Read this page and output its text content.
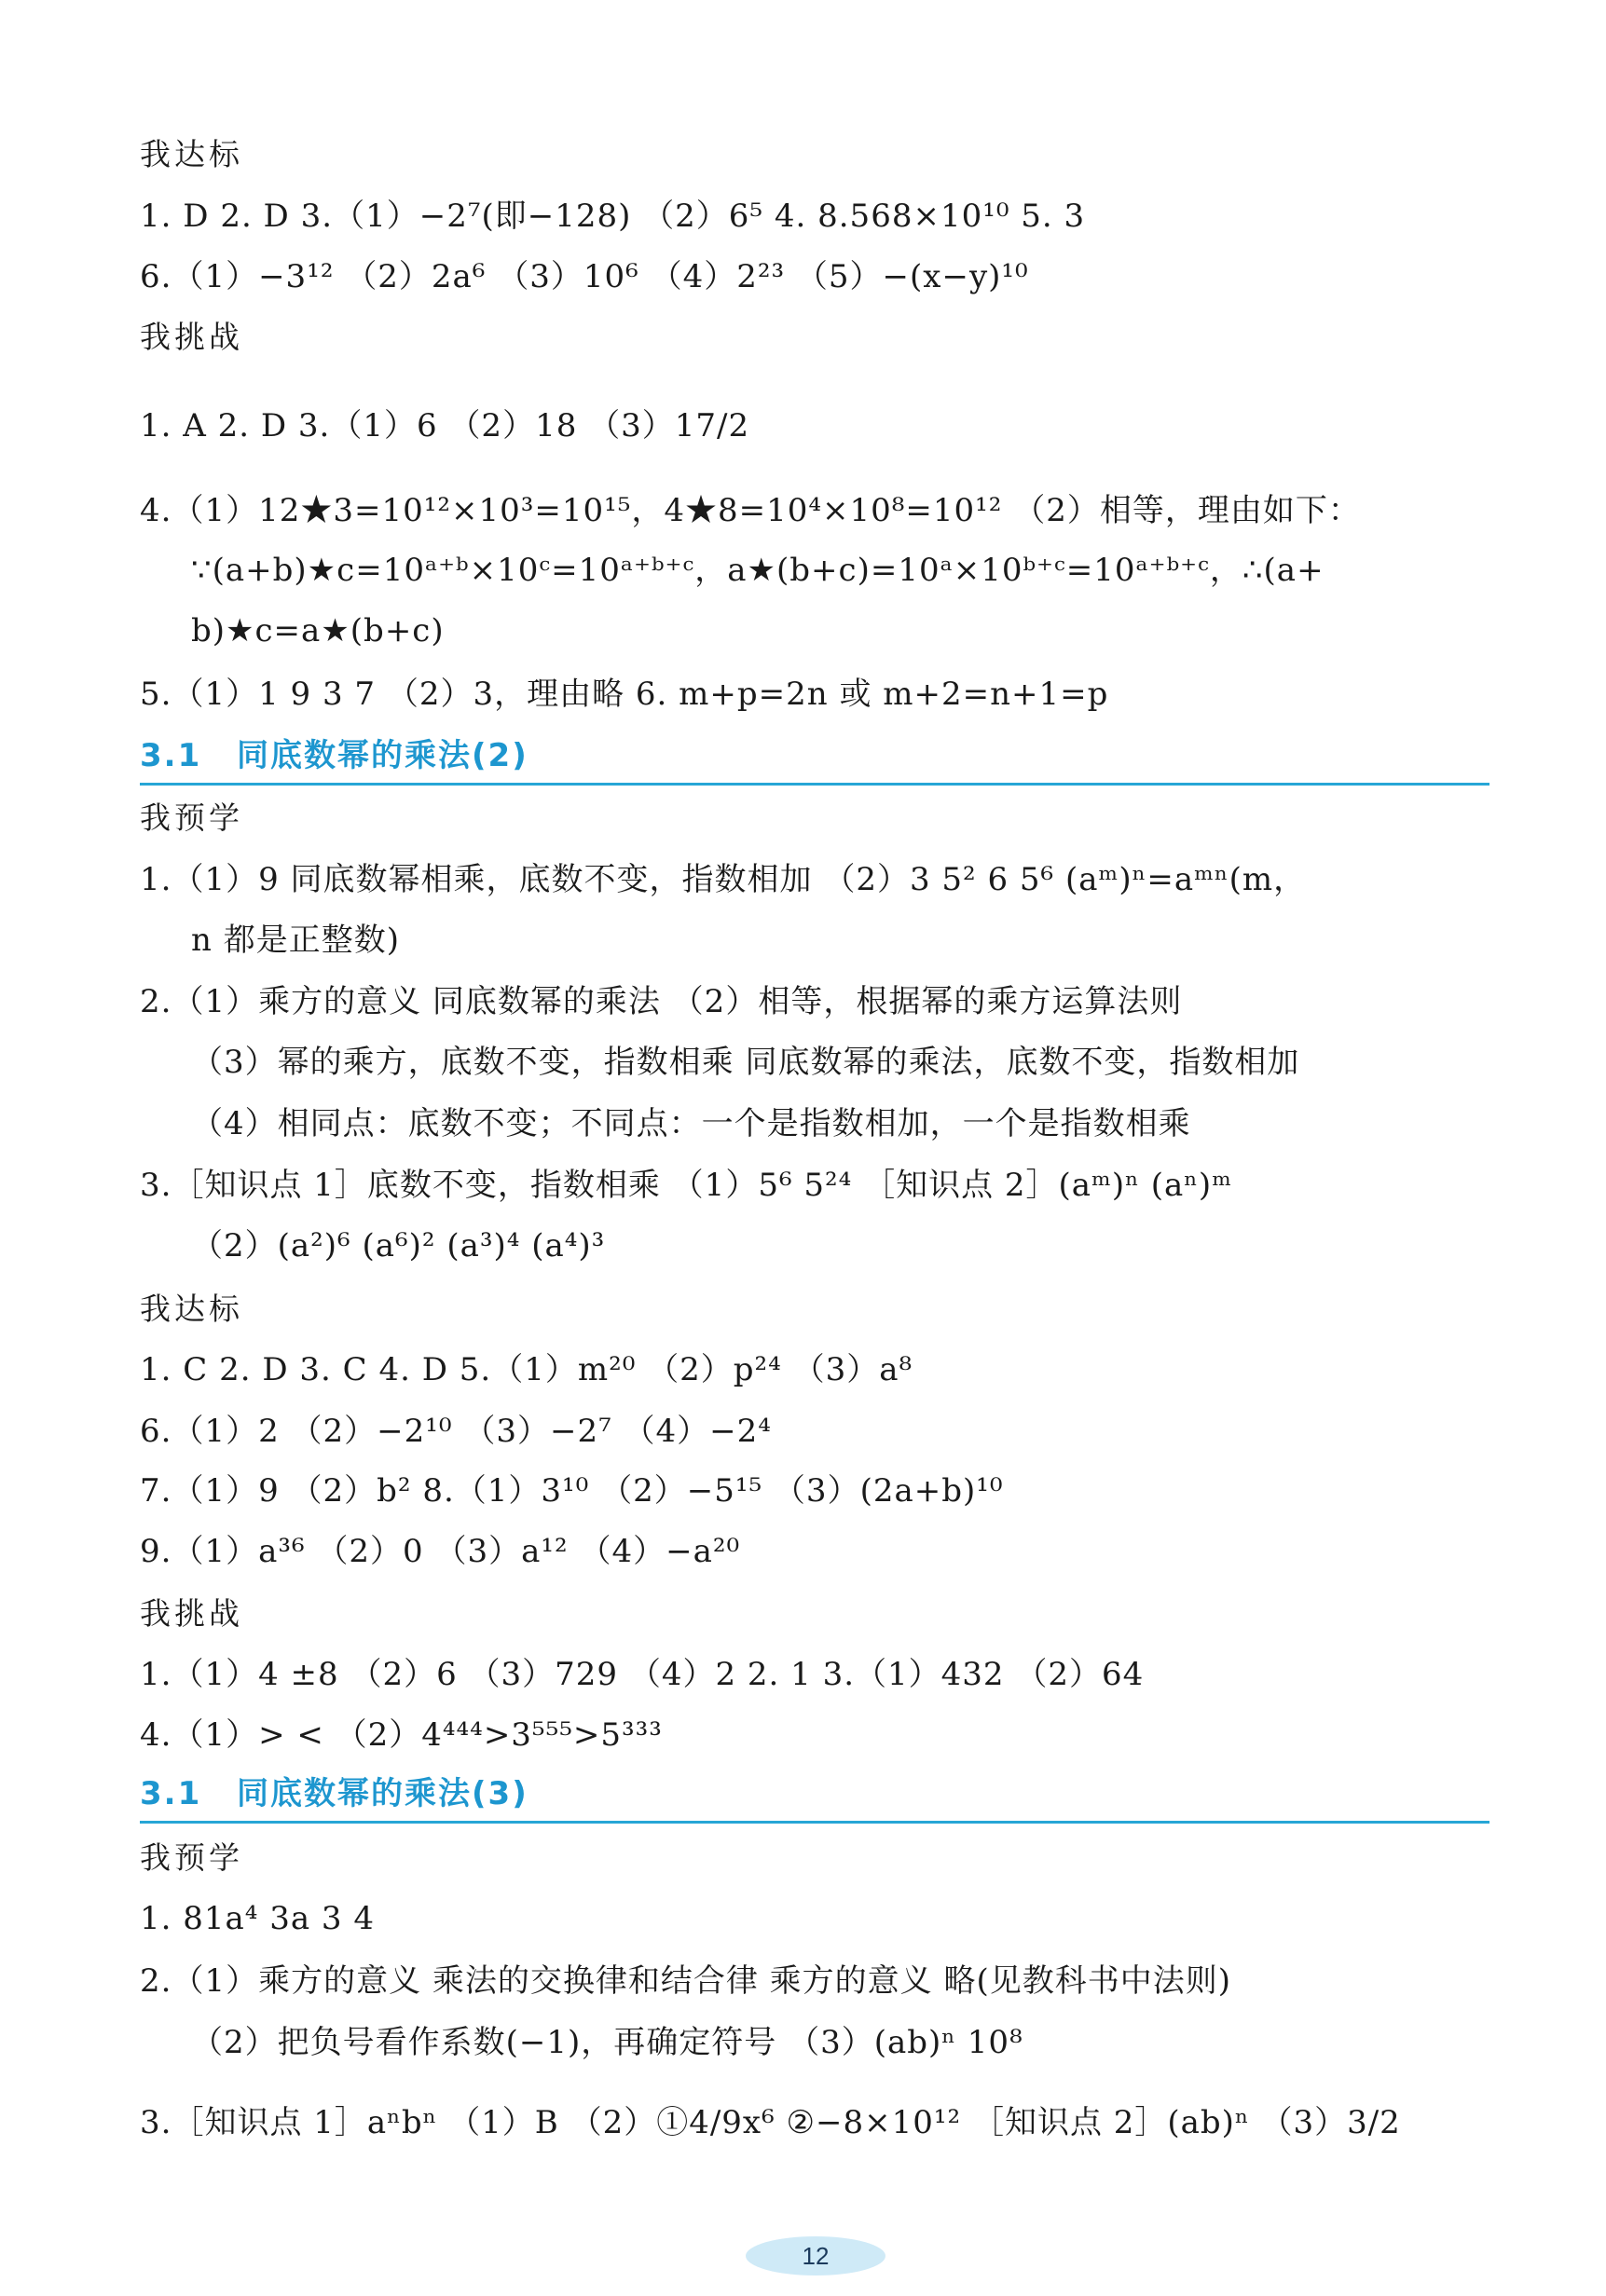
我达标
1. D 2. D 3.（1）−2⁷(即−128) （2）6⁵ 4. 8.568×10¹⁰ 5. 3
6.（1）−3¹² （2）2a⁶ （3）10⁶ （4）2²³ （5）−(x−y)¹⁰
我挑战
1. A 2. D 3.（1）6 （2）18 （3）17/2
4.（1）12★3=10¹²×10³=10¹⁵，4★8=10⁴×10⁸=10¹² （2）相等，理由如下：
∵(a+b)★c=10ᵃ⁺ᵇ×10ᶜ=10ᵃ⁺ᵇ⁺ᶜ，a★(b+c)=10ᵃ×10ᵇ⁺ᶜ=10ᵃ⁺ᵇ⁺ᶜ，∴(a+
b)★c=a★(b+c)
5.（1）1 9 3 7 （2）3，理由略 6. m+p=2n 或 m+2=n+1=p
3.1 同底数幂的乘法(2)
我预学
1.（1）9 同底数幂相乘，底数不变，指数相加 （2）3 5² 6 5⁶ (aᵐ)ⁿ=aᵐⁿ(m，
n 都是正整数)
2.（1）乘方的意义 同底数幂的乘法 （2）相等，根据幂的乘方运算法则
（3）幂的乘方，底数不变，指数相乘 同底数幂的乘法，底数不变，指数相加
（4）相同点：底数不变；不同点：一个是指数相加，一个是指数相乘
3.［知识点 1］底数不变，指数相乘 （1）5⁶ 5²⁴ ［知识点 2］(aᵐ)ⁿ (aⁿ)ᵐ
（2）(a²)⁶ (a⁶)² (a³)⁴ (a⁴)³
我达标
1. C 2. D 3. C 4. D 5.（1）m²⁰ （2）p²⁴ （3）a⁸
6.（1）2 （2）−2¹⁰ （3）−2⁷ （4）−2⁴
7.（1）9 （2）b² 8.（1）3¹⁰ （2）−5¹⁵ （3）(2a+b)¹⁰
9.（1）a³⁶ （2）0 （3）a¹² （4）−a²⁰
我挑战
1.（1）4 ±8 （2）6 （3）729 （4）2 2. 1 3.（1）432 （2）64
4.（1）> < （2）4⁴⁴⁴>3⁵⁵⁵>5³³³
3.1 同底数幂的乘法(3)
我预学
1. 81a⁴ 3a 3 4
2.（1）乘方的意义 乘法的交换律和结合律 乘方的意义 略(见教科书中法则)
（2）把负号看作系数(−1)，再确定符号 （3）(ab)ⁿ 10⁸
3.［知识点 1］aⁿbⁿ （1）B （2）①4/9x⁶ ②−8×10¹² ［知识点 2］(ab)ⁿ （3）3/2
12
